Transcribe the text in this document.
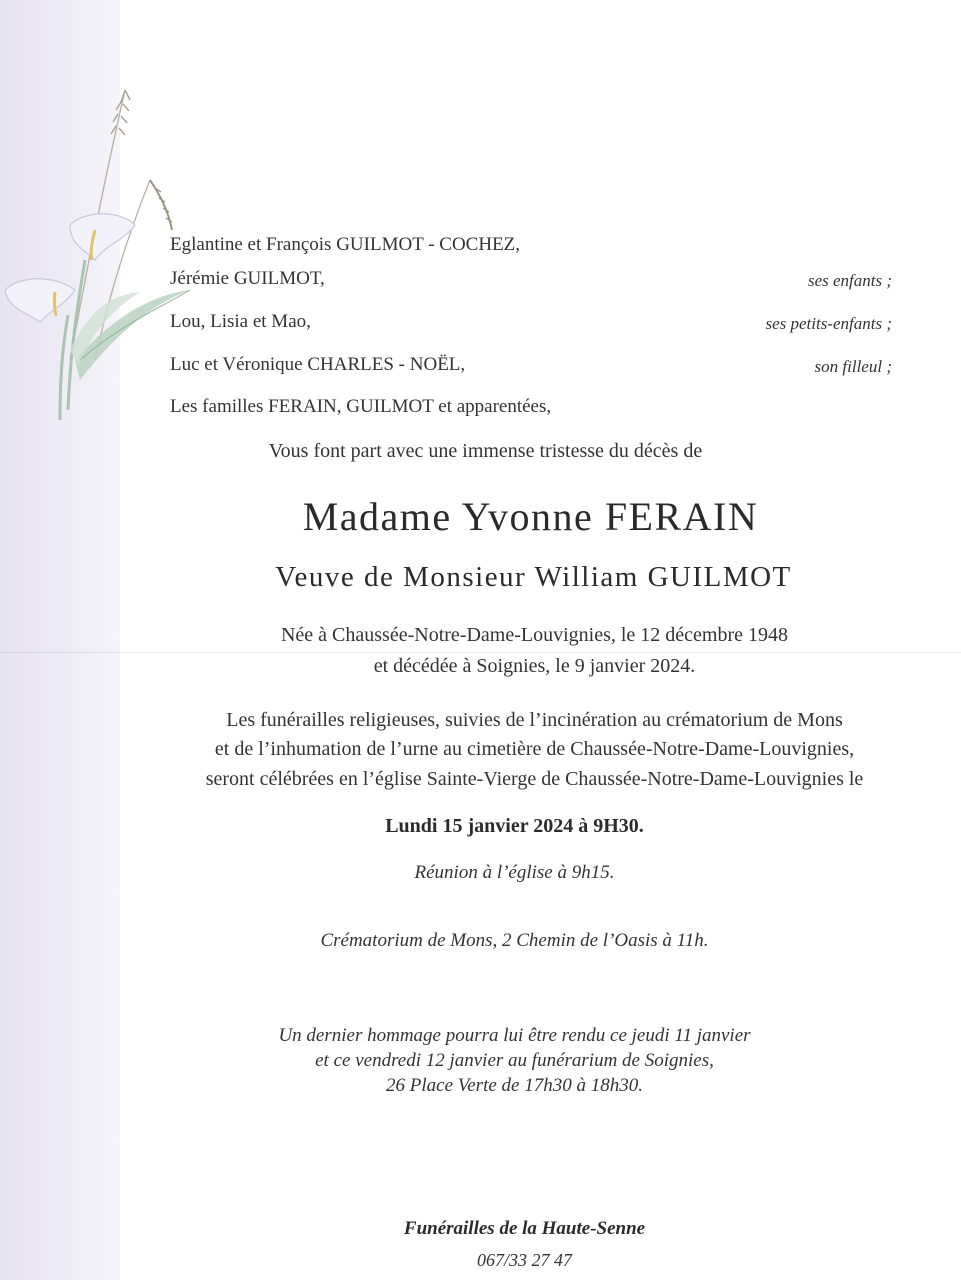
Eglantine et François GUILMOT - COCHEZ,
Jérémie GUILMOT,	ses enfants ;
Lou, Lisia et Mao,	ses petits-enfants ;
Luc et Véronique CHARLES - NOËL,	son filleul ;
Les familles FERAIN, GUILMOT et apparentées,
Vous font part avec une immense tristesse du décès de
Madame Yvonne FERAIN
Veuve de Monsieur William GUILMOT
Née à Chaussée-Notre-Dame-Louvignies, le 12 décembre 1948
et décédée à Soignies, le 9 janvier 2024.
Les funérailles religieuses, suivies de l’incinération au crématorium de Mons
et de l’inhumation de l’urne au cimetière de Chaussée-Notre-Dame-Louvignies,
seront célébrées en l’église Sainte-Vierge de Chaussée-Notre-Dame-Louvignies le
Lundi 15 janvier 2024 à 9H30.
Réunion à l’église à 9h15.
Crématorium de Mons, 2 Chemin de l’Oasis à 11h.
Un dernier hommage pourra lui être rendu ce jeudi 11 janvier
et ce vendredi 12 janvier au funérarium de Soignies,
26 Place Verte de 17h30 à 18h30.
Funérailles de la Haute-Senne
067/33 27 47
